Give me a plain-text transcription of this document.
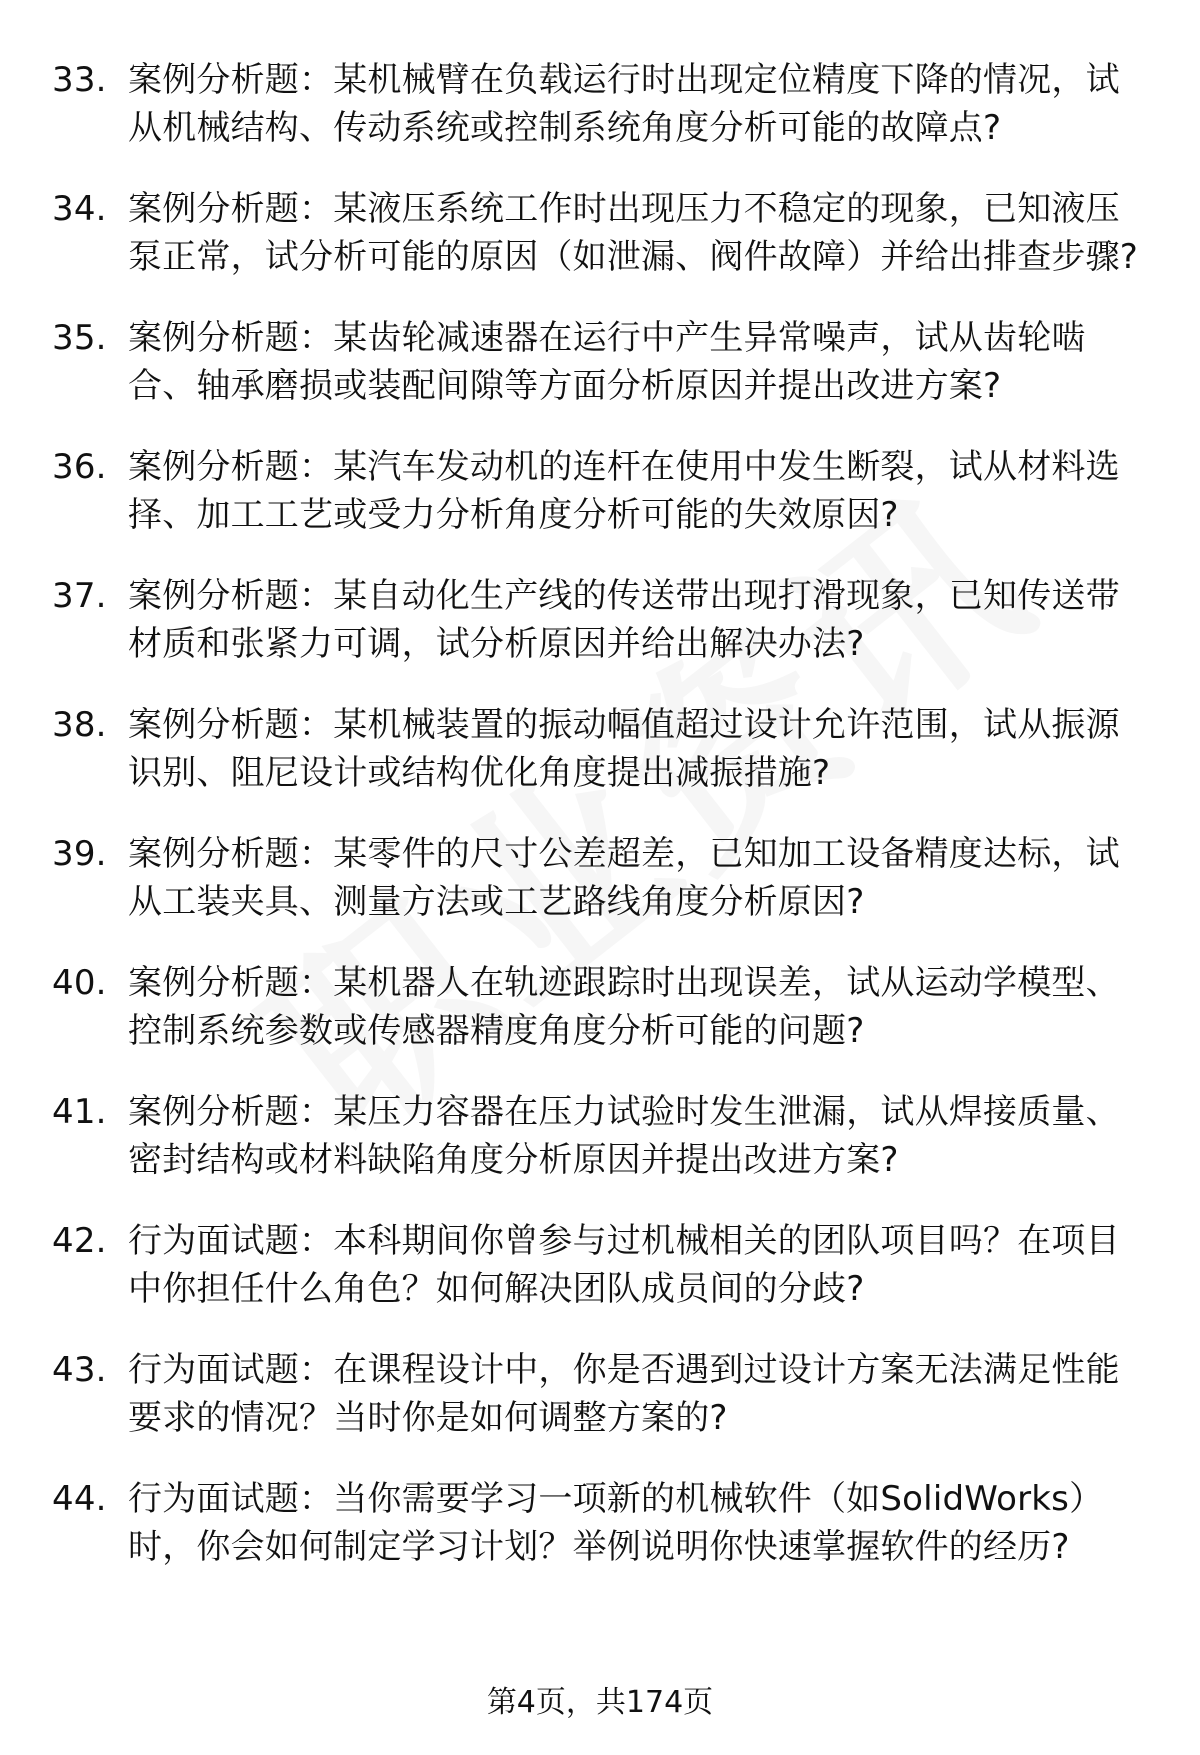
33. 案例分析题：某机械臂在负载运行时出现定位精度下降的情况，试从机械结构、传动系统或控制系统角度分析可能的故障点?
34. 案例分析题：某液压系统工作时出现压力不稳定的现象，已知液压泵正常，试分析可能的原因（如泄漏、阀件故障）并给出排查步骤?
35. 案例分析题：某齿轮减速器在运行中产生异常噪声，试从齿轮啮合、轴承磨损或装配间隙等方面分析原因并提出改进方案?
36. 案例分析题：某汽车发动机的连杆在使用中发生断裂，试从材料选择、加工工艺或受力分析角度分析可能的失效原因?
37. 案例分析题：某自动化生产线的传送带出现打滑现象，已知传送带材质和张紧力可调，试分析原因并给出解决办法?
38. 案例分析题：某机械装置的振动幅值超过设计允许范围，试从振源识别、阻尼设计或结构优化角度提出减振措施?
39. 案例分析题：某零件的尺寸公差超差，已知加工设备精度达标，试从工装夹具、测量方法或工艺路线角度分析原因?
40. 案例分析题：某机器人在轨迹跟踪时出现误差，试从运动学模型、控制系统参数或传感器精度角度分析可能的问题?
41. 案例分析题：某压力容器在压力试验时发生泄漏，试从焊接质量、密封结构或材料缺陷角度分析原因并提出改进方案?
42. 行为面试题：本科期间你曾参与过机械相关的团队项目吗？在项目中你担任什么角色？如何解决团队成员间的分歧?
43. 行为面试题：在课程设计中，你是否遇到过设计方案无法满足性能要求的情况？当时你是如何调整方案的?
44. 行为面试题：当你需要学习一项新的机械软件（如SolidWorks）时，你会如何制定学习计划？举例说明你快速掌握软件的经历?
第4页，共174页
